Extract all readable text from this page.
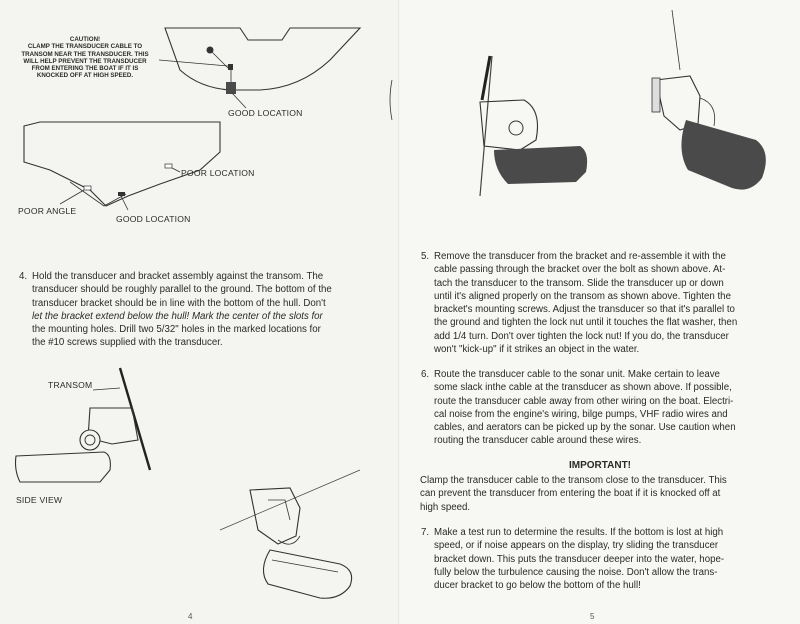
CAUTION!
CLAMP THE TRANSDUCER CABLE TO
TRANSOM NEAR THE TRANSDUCER. THIS
WILL HELP PREVENT THE TRANSDUCER
FROM ENTERING THE BOAT IF IT IS
KNOCKED OFF AT HIGH SPEED.
GOOD LOCATION
POOR LOCATION
POOR ANGLE
GOOD LOCATION
4. Hold the transducer and bracket assembly against the transom. The
transducer should be roughly parallel to the ground. The bottom of the
transducer bracket should be in line with the bottom of the hull. Don't
let the bracket extend below the hull! Mark the center of the slots for
the mounting holes. Drill two 5/32" holes in the marked locations for
the #10 screws supplied with the transducer.
TRANSOM
SIDE VIEW
4
5. Remove the transducer from the bracket and re-assemble it with the
cable passing through the bracket over the bolt as shown above. At-
tach the transducer to the transom. Slide the transducer up or down
until it's aligned properly on the transom as shown above. Tighten the
bracket's mounting screws. Adjust the transducer so that it's parallel to
the ground and tighten the lock nut until it touches the flat washer, then
add 1/4 turn. Don't over tighten the lock nut! If you do, the transducer
won't "kick-up" if it strikes an object in the water.
6. Route the transducer cable to the sonar unit. Make certain to leave
some slack inthe cable at the transducer as shown above. If possible,
route the transducer cable away from other wiring on the boat. Electri-
cal noise from the engine's wiring, bilge pumps, VHF radio wires and
cables, and aerators can be picked up by the sonar. Use caution when
routing the transducer cable around these wires.
IMPORTANT!
Clamp the transducer cable to the transom close to the transducer. This
can prevent the transducer from entering the boat if it is knocked off at
high speed.
7. Make a test run to determine the results. If the bottom is lost at high
speed, or if noise appears on the display, try sliding the transducer
bracket down. This puts the transducer deeper into the water, hope-
fully below the turbulence causing the noise. Don't allow the trans-
ducer bracket to go below the bottom of the hull!
5
